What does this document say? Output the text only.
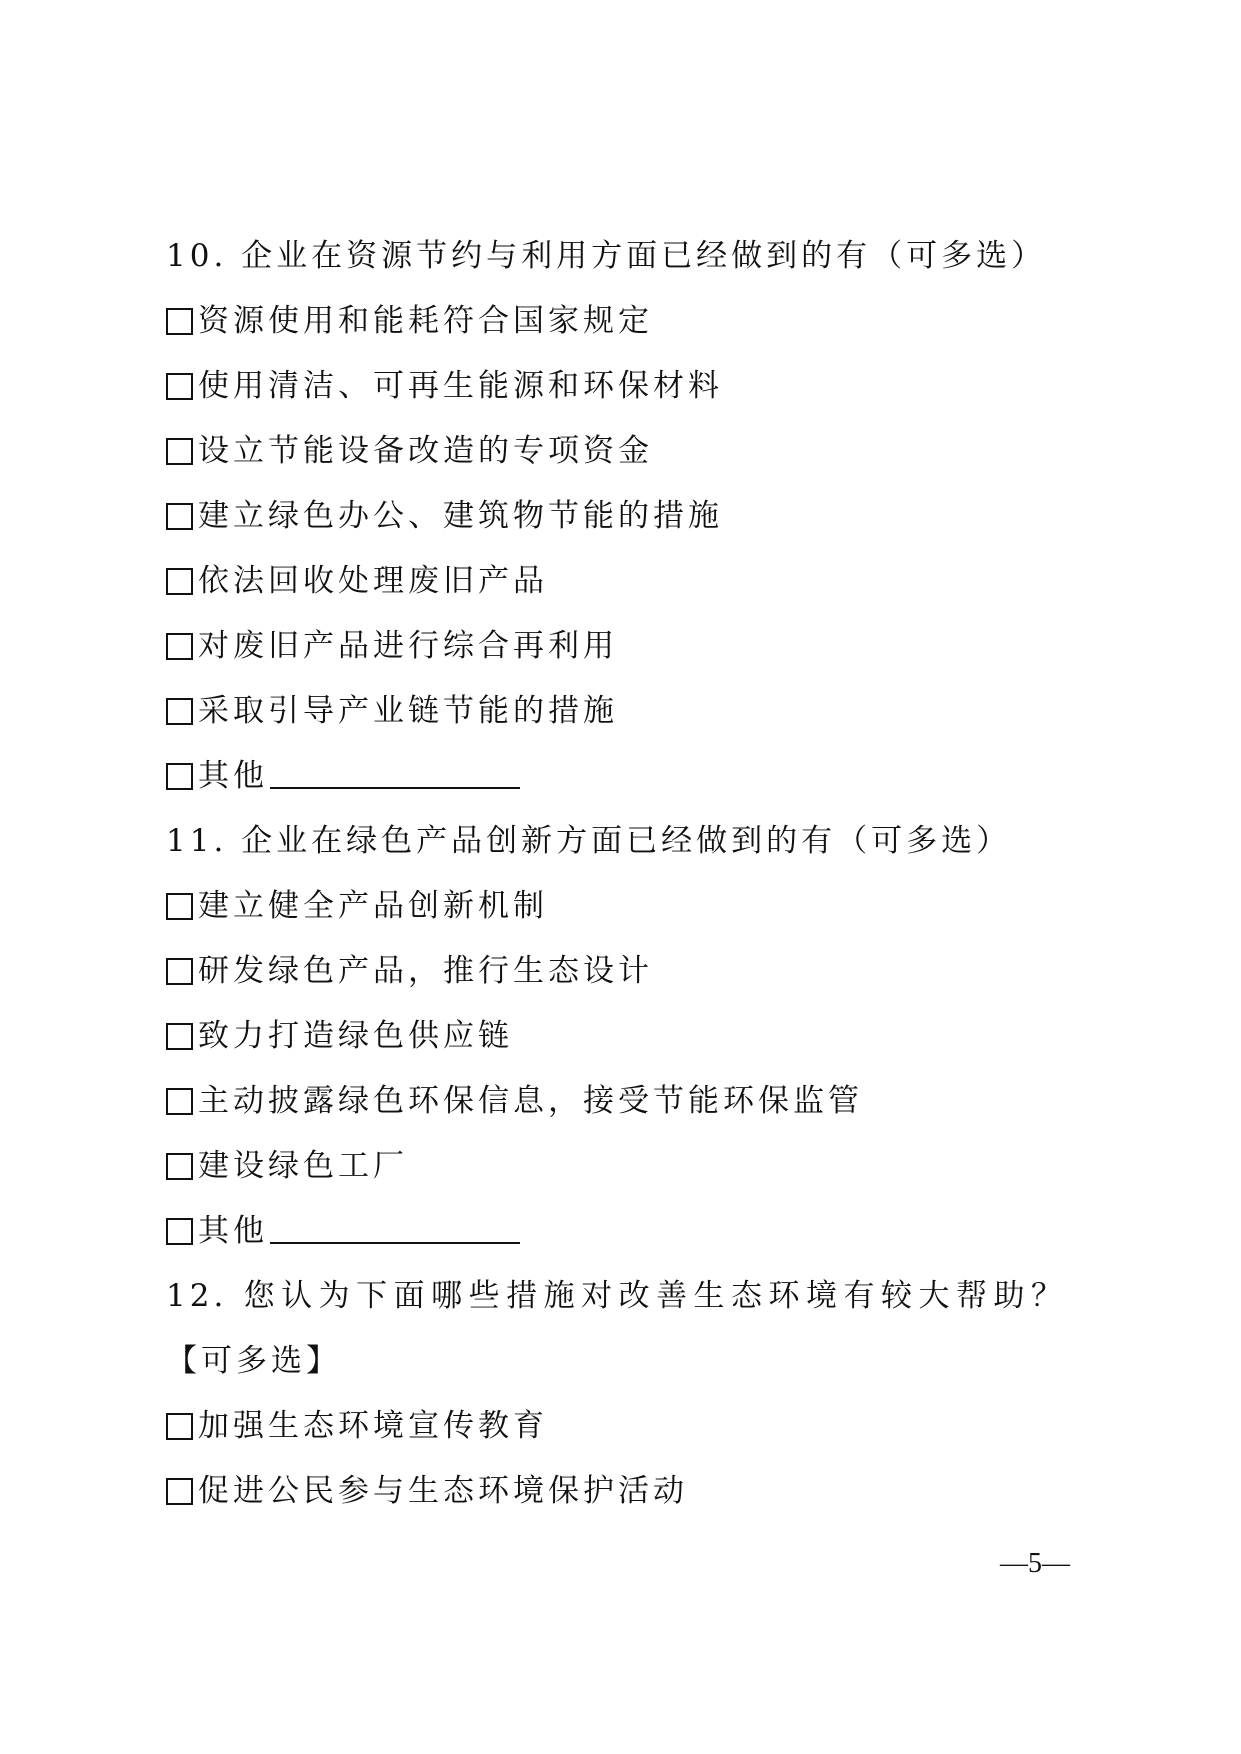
10. 企业在资源节约与利用方面已经做到的有（可多选）
资源使用和能耗符合国家规定
使用清洁、可再生能源和环保材料
设立节能设备改造的专项资金
建立绿色办公、建筑物节能的措施
依法回收处理废旧产品
对废旧产品进行综合再利用
采取引导产业链节能的措施
其他
11. 企业在绿色产品创新方面已经做到的有（可多选）
建立健全产品创新机制
研发绿色产品，推行生态设计
致力打造绿色供应链
主动披露绿色环保信息，接受节能环保监管
建设绿色工厂
其他
12. 您认为下面哪些措施对改善生态环境有较大帮助？【可多选】
加强生态环境宣传教育
促进公民参与生态环境保护活动
—5—
